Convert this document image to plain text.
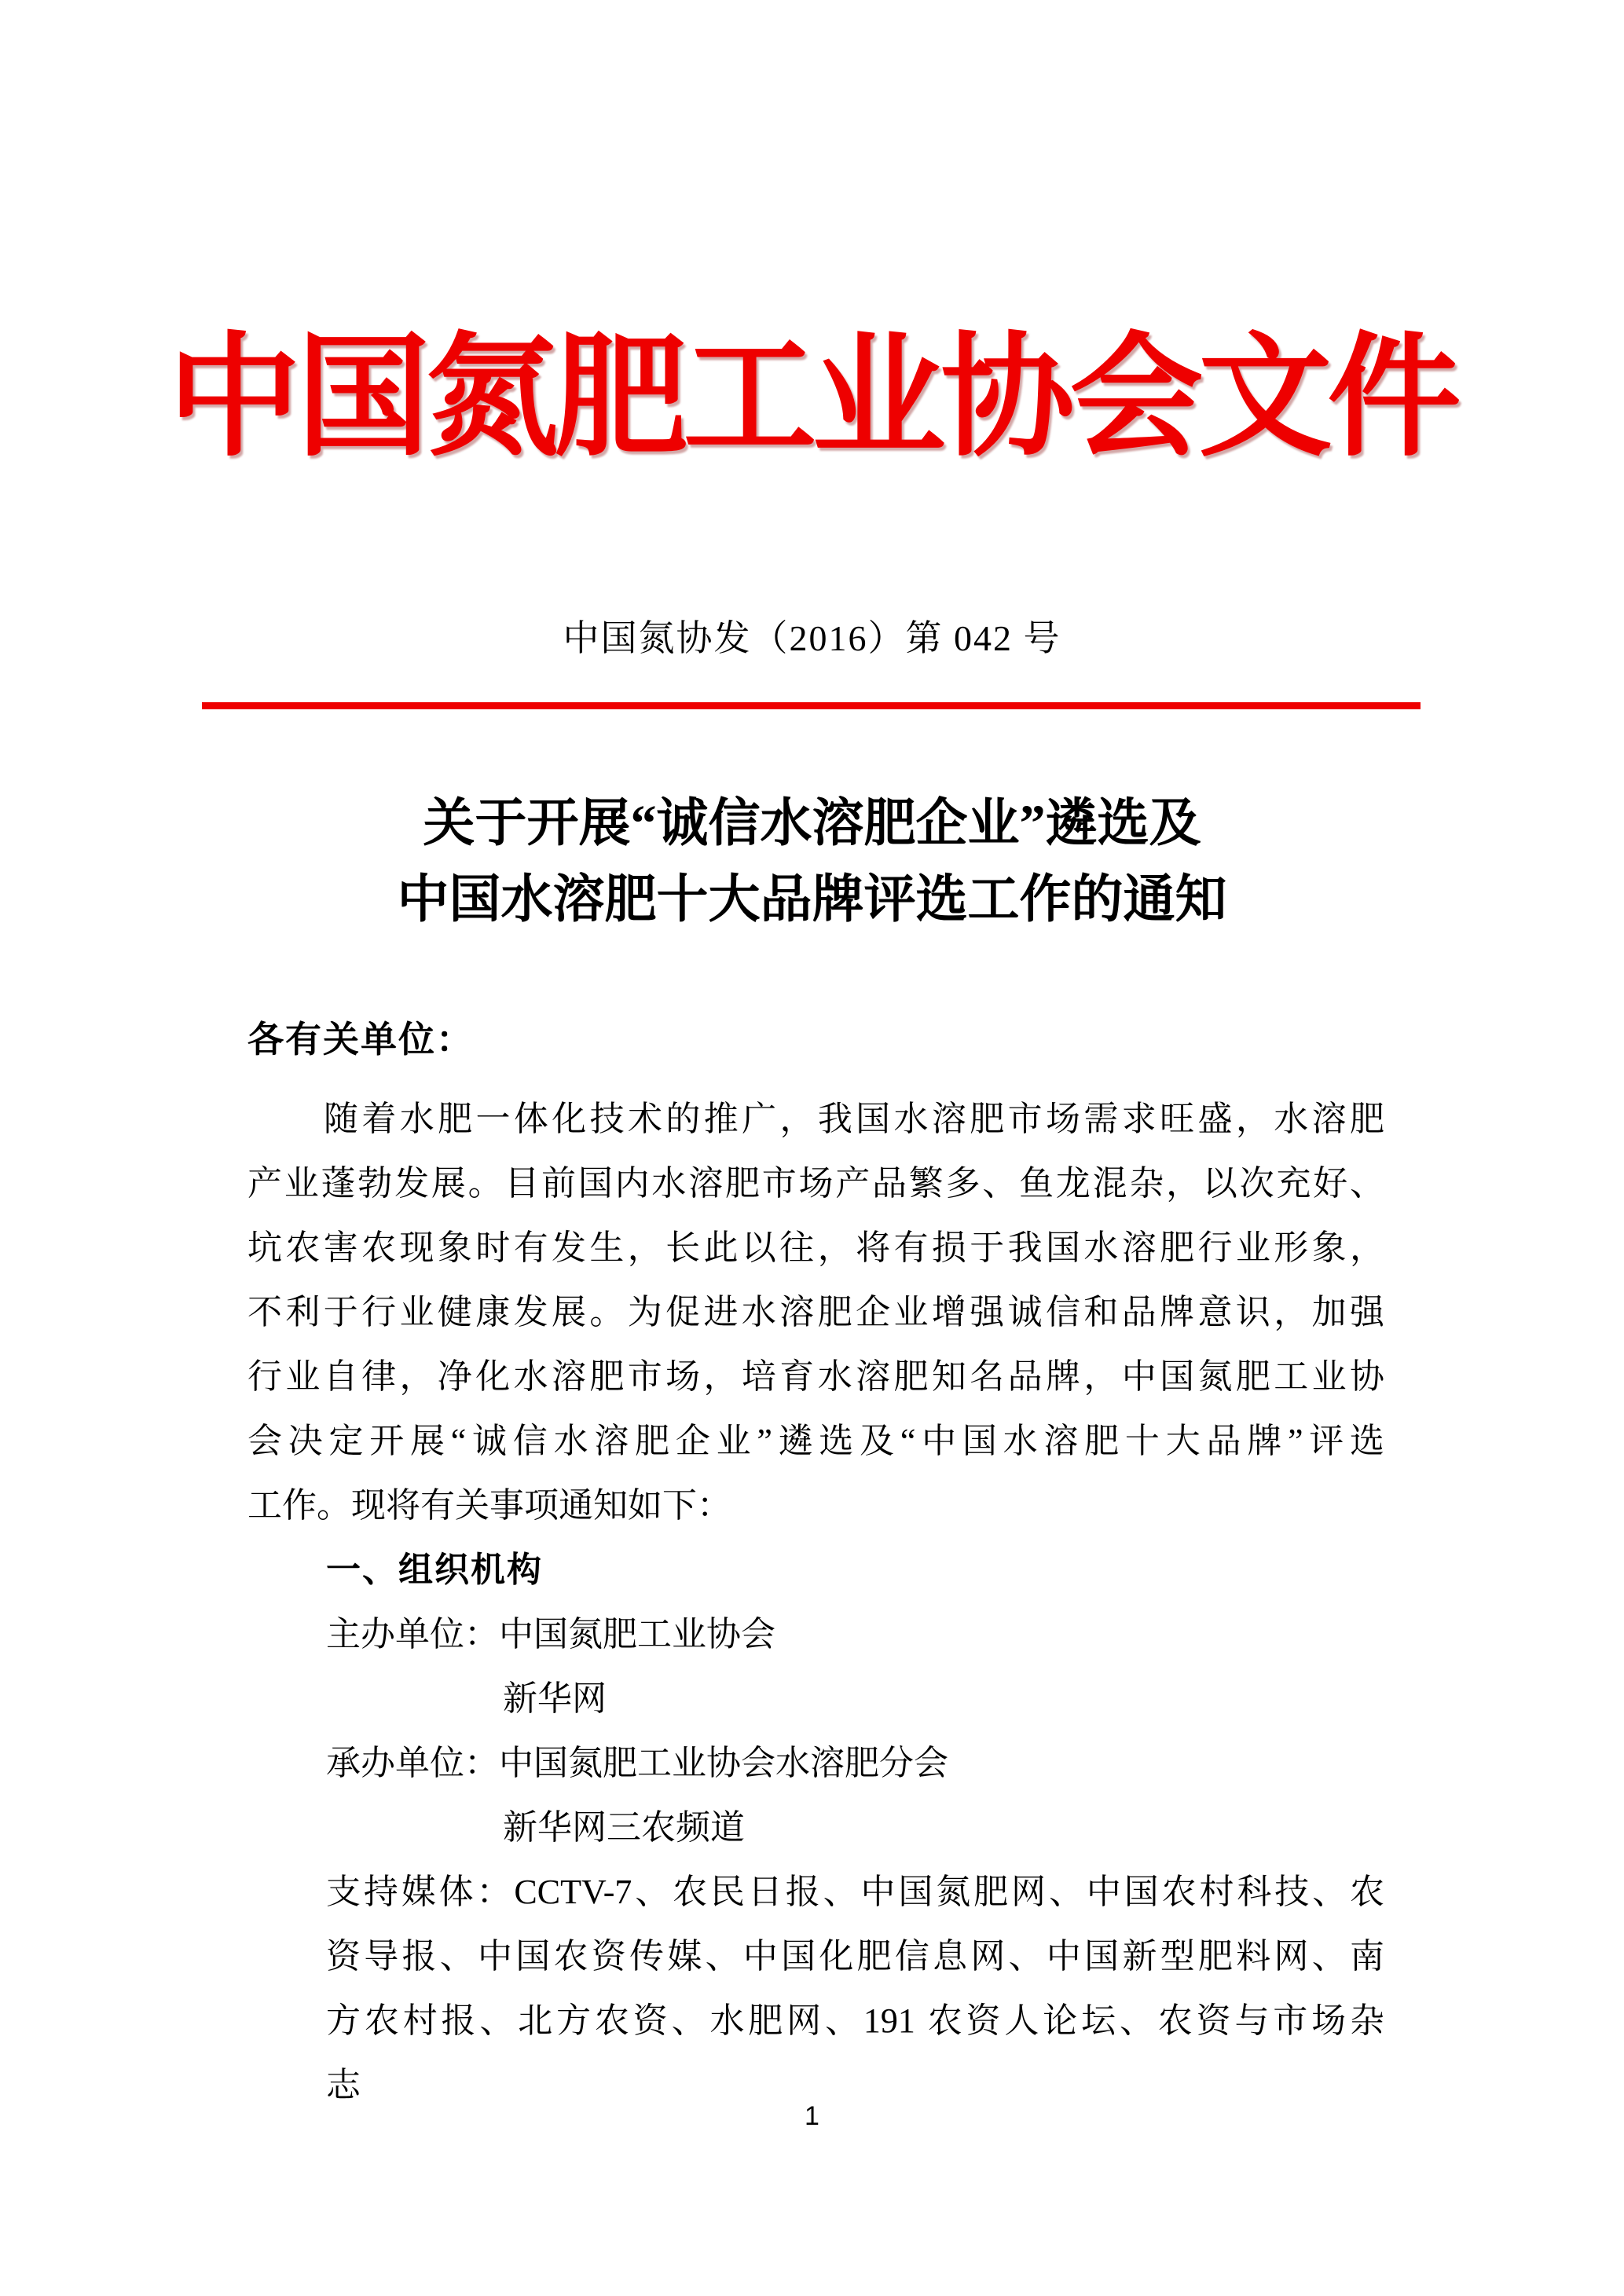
中国氮肥工业协会文件
中国氮协发（2016）第 042 号
关于开展“诚信水溶肥企业”遴选及
中国水溶肥十大品牌评选工作的通知
各有关单位：
随着水肥一体化技术的推广，我国水溶肥市场需求旺盛，水溶肥
产业蓬勃发展。目前国内水溶肥市场产品繁多、鱼龙混杂，以次充好、
坑农害农现象时有发生，长此以往，将有损于我国水溶肥行业形象，
不利于行业健康发展。为促进水溶肥企业增强诚信和品牌意识，加强
行业自律，净化水溶肥市场，培育水溶肥知名品牌，中国氮肥工业协
会决定开展“诚信水溶肥企业”遴选及“中国水溶肥十大品牌”评选
工作。现将有关事项通知如下：
一、组织机构
主办单位：中国氮肥工业协会
新华网
承办单位：中国氮肥工业协会水溶肥分会
新华网三农频道
支持媒体：CCTV-7、农民日报、中国氮肥网、中国农村科技、农
资导报、中国农资传媒、中国化肥信息网、中国新型肥料网、南
方农村报、北方农资、水肥网、191 农资人论坛、农资与市场杂
志
1
